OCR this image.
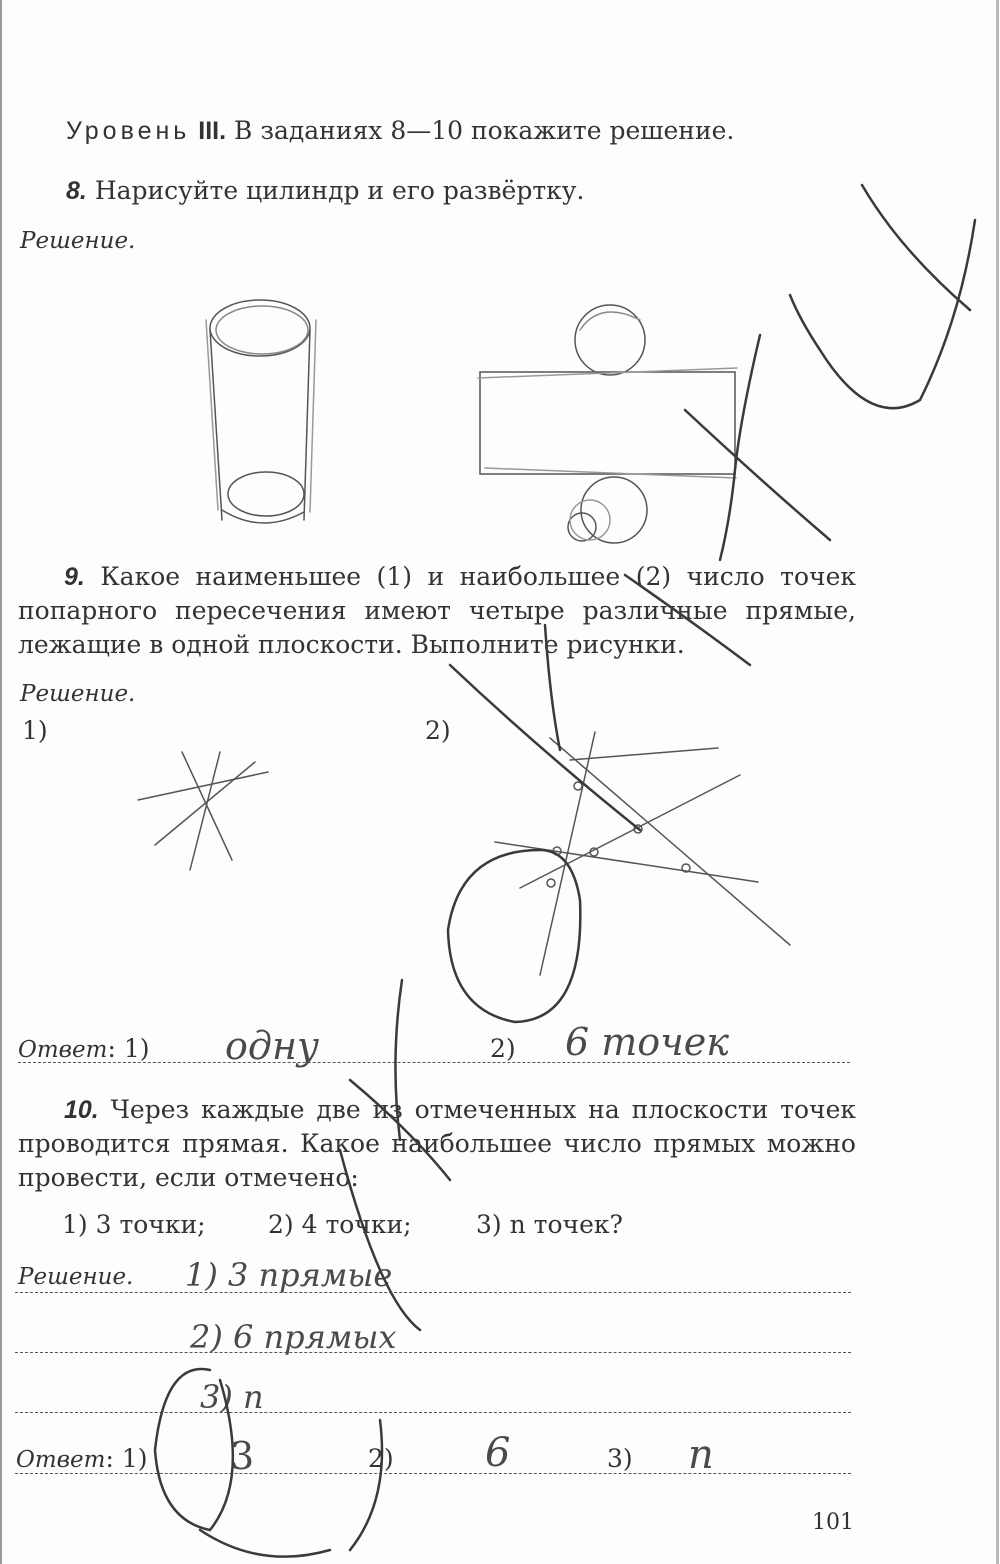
Уровень III. В заданиях 8—10 покажите решение.
8. Нарисуйте цилиндр и его развёртку.
Решение.
9. Какое наименьшее (1) и наибольшее (2) число точек попарного пересечения имеют четыре различные прямые, лежащие в одной плоскости. Выполните рисунки.
Решение.
1)	2)
Ответ: 1)	2)
одну	6 точек
10. Через каждые две из отмеченных на плоскости точек проводится прямая. Какое наибольшее число прямых можно провести, если отмечено:
1) 3 точки; 2) 4 точки;	3) n точек?
Решение. 1) 3 прямые
2) 6 прямых
3) n
Ответ: 1)	2)	3)
3	6	n
101
